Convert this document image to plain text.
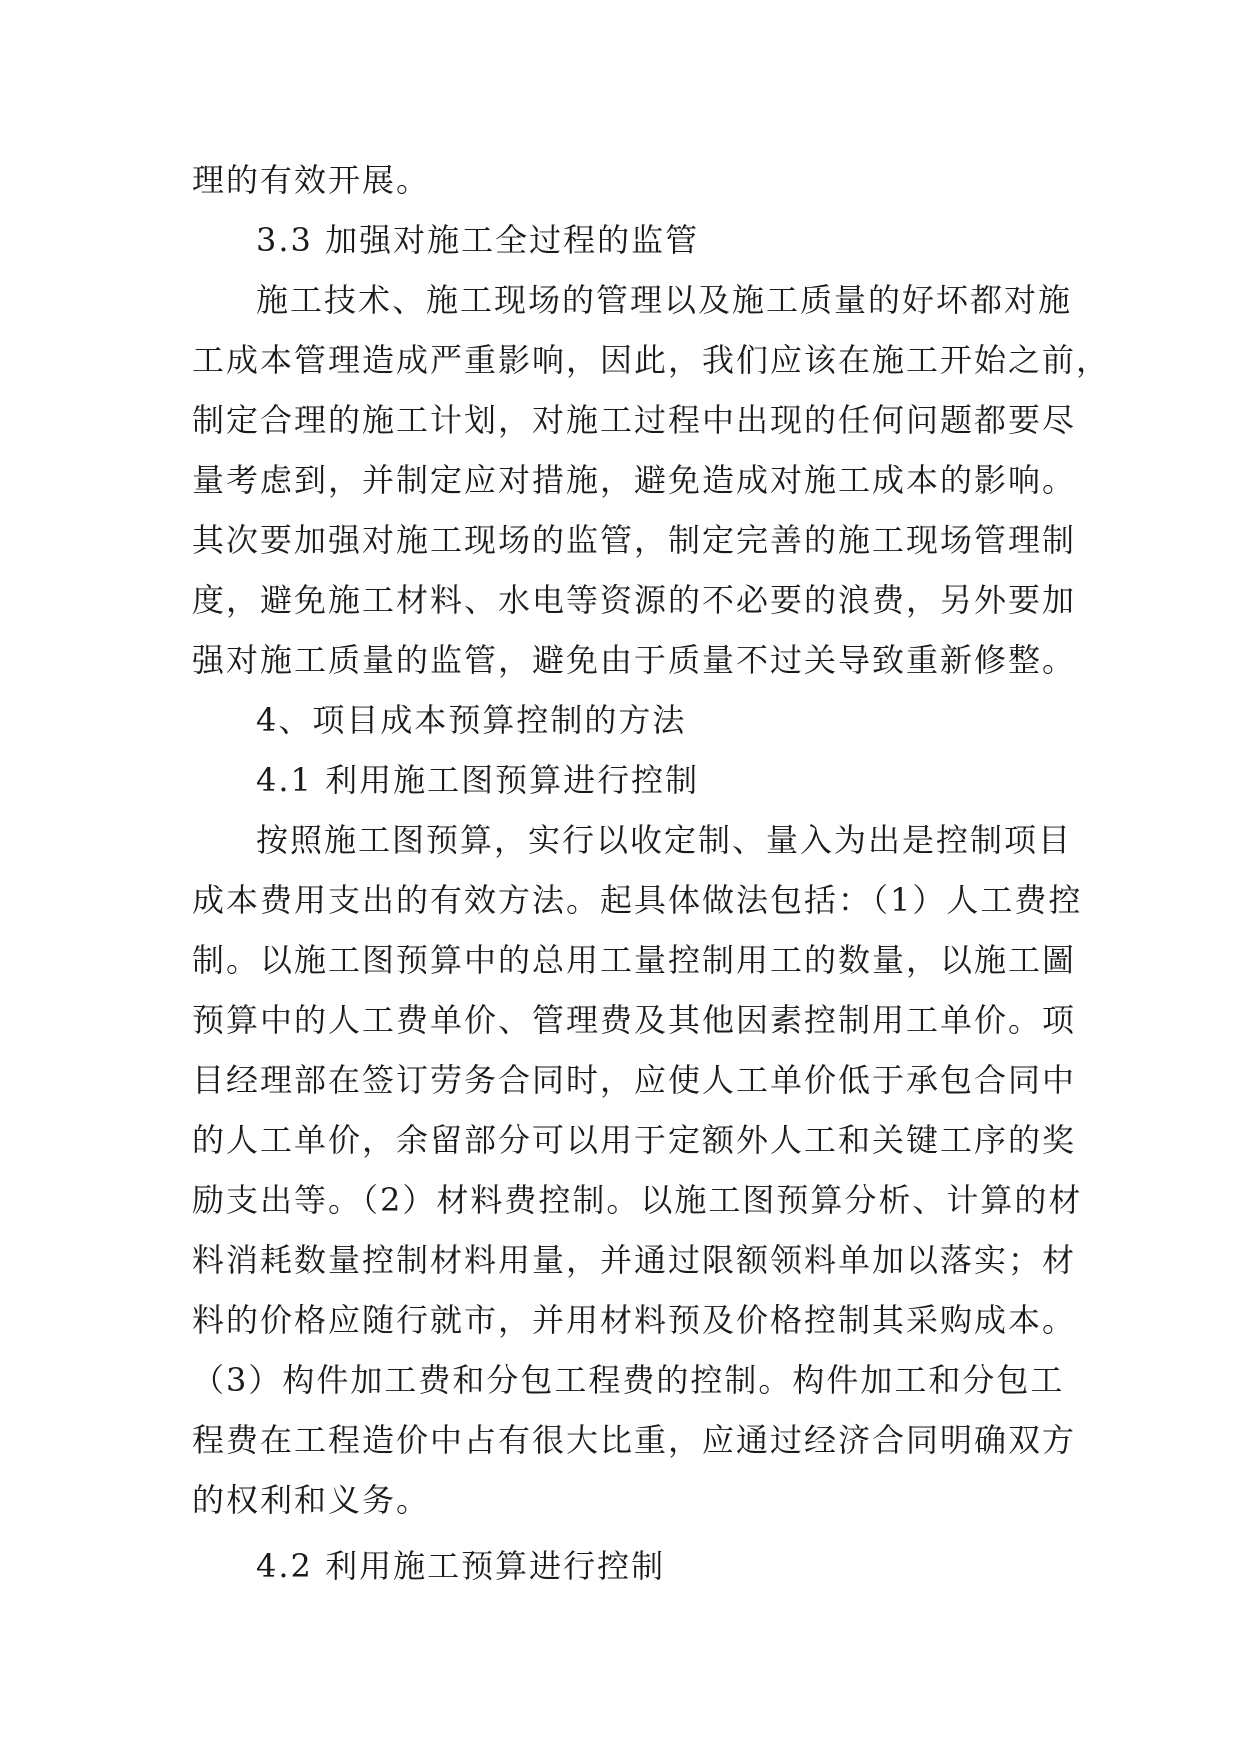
理的有效开展。
3.3 加强对施工全过程的监管
施工技术、施工现场的管理以及施工质量的好坏都对施
工成本管理造成严重影响，因此，我们应该在施工开始之前，
制定合理的施工计划，对施工过程中出现的任何问题都要尽
量考虑到，并制定应对措施，避免造成对施工成本的影响。
其次要加强对施工现场的监管，制定完善的施工现场管理制
度，避免施工材料、水电等资源的不必要的浪费，另外要加
强对施工质量的监管，避免由于质量不过关导致重新修整。
4、项目成本预算控制的方法
4.1 利用施工图预算进行控制
按照施工图预算，实行以收定制、量入为出是控制项目
成本费用支出的有效方法。起具体做法包括：（1）人工费控
制。以施工图预算中的总用工量控制用工的数量，以施工圖
预算中的人工费单价、管理费及其他因素控制用工单价。项
目经理部在签订劳务合同时，应使人工单价低于承包合同中
的人工单价，余留部分可以用于定额外人工和关键工序的奖
励支出等。（2）材料费控制。以施工图预算分析、计算的材
料消耗数量控制材料用量，并通过限额领料单加以落实；材
料的价格应随行就市，并用材料预及价格控制其采购成本。
（3）构件加工费和分包工程费的控制。构件加工和分包工
程费在工程造价中占有很大比重，应通过经济合同明确双方
的权利和义务。
4.2 利用施工预算进行控制
